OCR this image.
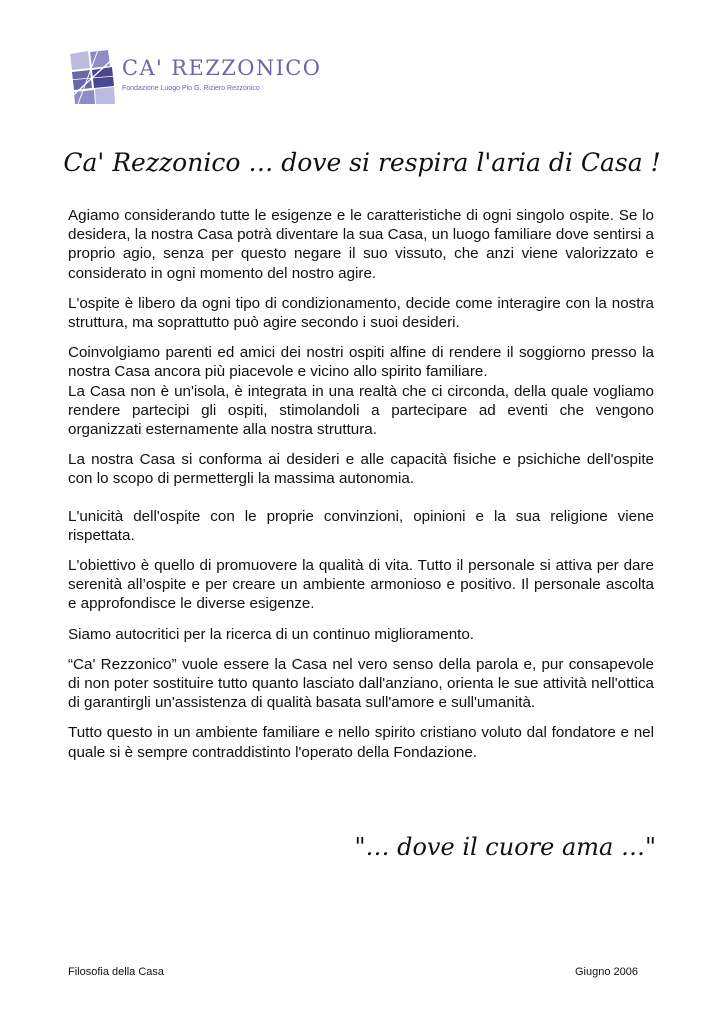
CA' REZZONICO
Fondazione Luogo Pio G. Riziero Rezzonico
Ca' Rezzonico … dove si respira l'aria di Casa !

Agiamo considerando tutte le esigenze e le caratteristiche di ogni singolo ospite. Se lo desidera, la nostra Casa potrà diventare la sua Casa, un luogo familiare dove sentirsi a proprio agio, senza per questo negare il suo vissuto, che anzi viene valorizzato e considerato in ogni momento del nostro agire.

L'ospite è libero da ogni tipo di condizionamento, decide come interagire con la nostra struttura, ma soprattutto può agire secondo i suoi desideri.

Coinvolgiamo parenti ed amici dei nostri ospiti alfine di rendere il soggiorno presso la nostra Casa ancora più piacevole e vicino allo spirito familiare.
La Casa non è un'isola, è integrata in una realtà che ci circonda, della quale vogliamo rendere partecipi gli ospiti, stimolandoli a partecipare ad eventi che vengono organizzati esternamente alla nostra struttura.

La nostra Casa si conforma ai desideri e alle capacità fisiche e psichiche dell'ospite con lo scopo di permettergli la massima autonomia.

L'unicità dell'ospite con le proprie convinzioni, opinioni e la sua religione viene rispettata.

L'obiettivo è quello di promuovere la qualità di vita. Tutto il personale si attiva per dare serenità all’ospite e per creare un ambiente armonioso e positivo. Il personale ascolta e approfondisce le diverse esigenze.

Siamo autocritici per la ricerca di un continuo miglioramento.

“Ca' Rezzonico” vuole essere la Casa nel vero senso della parola e, pur consapevole di non poter sostituire tutto quanto lasciato dall'anziano, orienta le sue attività nell'ottica di garantirgli un'assistenza di qualità basata sull'amore e sull'umanità.

Tutto questo in un ambiente familiare e nello spirito cristiano voluto dal fondatore e nel quale si è sempre contraddistinto l'operato della Fondazione.

"… dove il cuore ama …"
Filosofia della Casa	Giugno 2006
